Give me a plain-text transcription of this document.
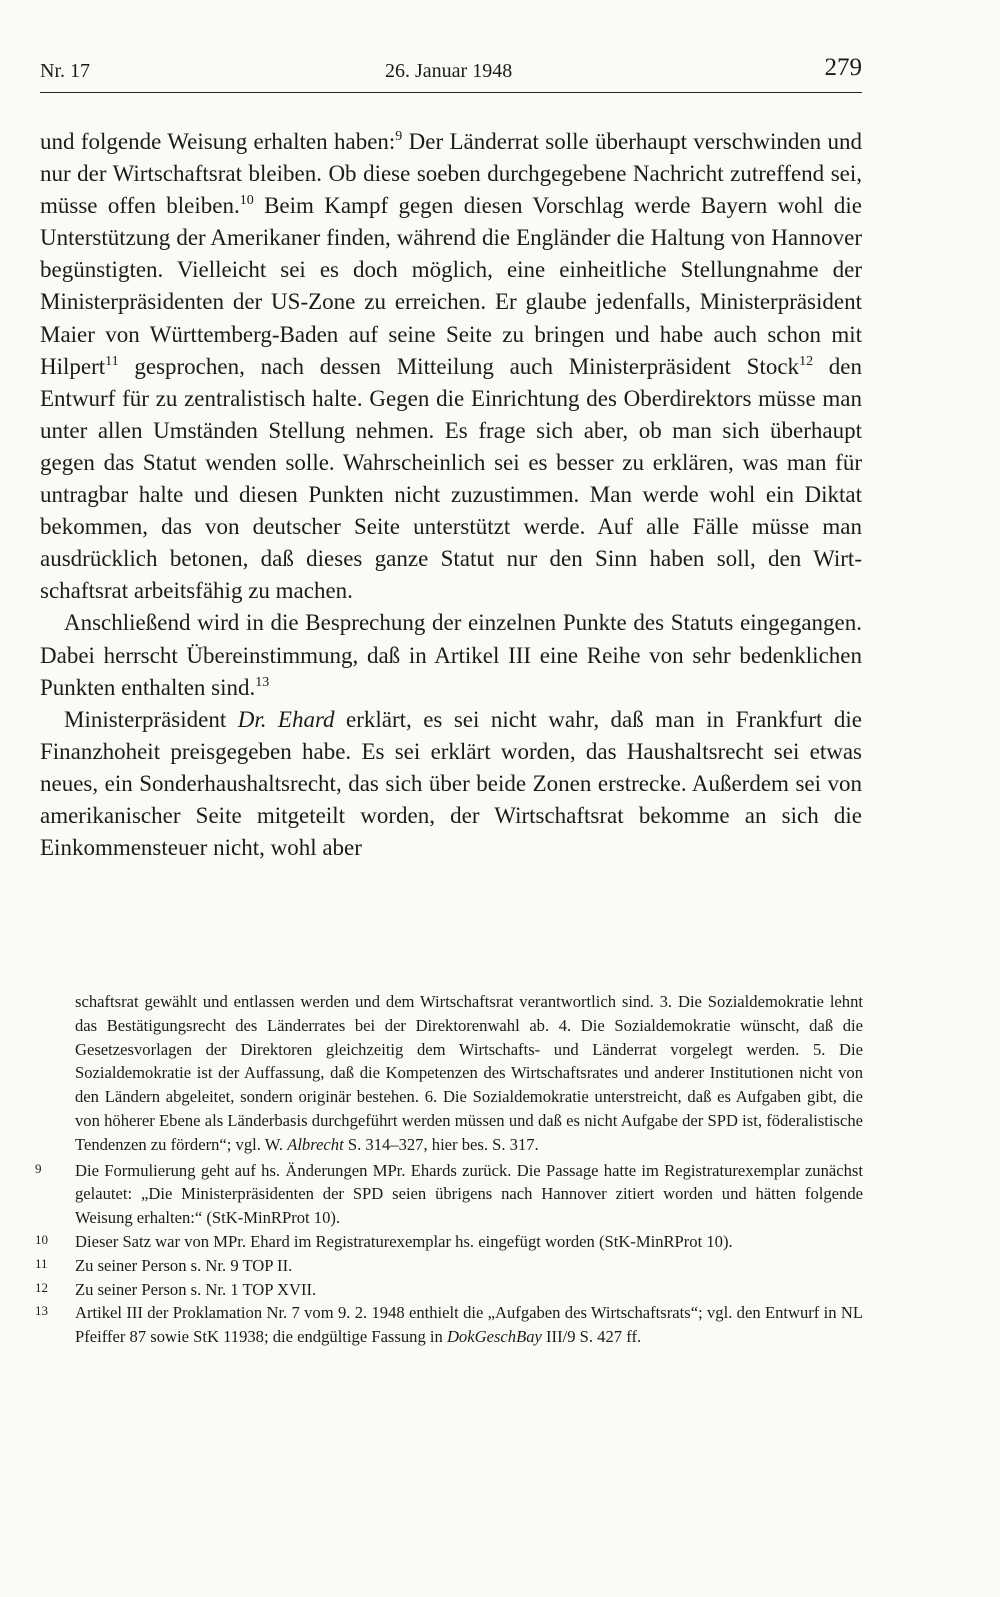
Nr. 17	26. Januar 1948	279

und folgende Weisung erhalten haben:$^9$ Der Länderrat solle überhaupt verschwinden und nur der Wirtschaftsrat bleiben. Ob diese soeben durchgegebene Nachricht zutreffend sei, müsse offen bleiben.$^{10}$ Beim Kampf gegen diesen Vorschlag werde Bayern wohl die Unterstützung der Amerikaner finden, während die Engländer die Haltung von Hannover begünstigten. Vielleicht sei es doch möglich, eine einheitliche Stellungnahme der Ministerpräsidenten der US-Zone zu erreichen. Er glaube jedenfalls, Ministerpräsident Maier von Württemberg-Baden auf seine Seite zu bringen und habe auch schon mit Hilpert$^{11}$ gesprochen, nach dessen Mitteilung auch Ministerpräsident Stock$^{12}$ den Entwurf für zu zentralistisch halte. Gegen die Einrichtung des Oberdirektors müsse man unter allen Umständen Stellung nehmen. Es frage sich aber, ob man sich überhaupt gegen das Statut wenden solle. Wahrscheinlich sei es besser zu erklären, was man für untragbar halte und diesen Punkten nicht zuzustimmen. Man werde wohl ein Diktat bekommen, das von deutscher Seite unterstützt werde. Auf alle Fälle müsse man ausdrücklich betonen, daß dieses ganze Statut nur den Sinn haben soll, den Wirtschaftsrat arbeitsfähig zu machen.

Anschließend wird in die Besprechung der einzelnen Punkte des Statuts eingegangen. Dabei herrscht Übereinstimmung, daß in Artikel III eine Reihe von sehr bedenklichen Punkten enthalten sind.$^{13}$

Ministerpräsident Dr. Ehard erklärt, es sei nicht wahr, daß man in Frankfurt die Finanzhoheit preisgegeben habe. Es sei erklärt worden, das Haushaltsrecht sei etwas neues, ein Sonderhaushaltsrecht, das sich über beide Zonen erstrecke. Außerdem sei von amerikanischer Seite mitgeteilt worden, der Wirtschaftsrat bekomme an sich die Einkommensteuer nicht, wohl aber

schaftsrat gewählt und entlassen werden und dem Wirtschaftsrat verantwortlich sind. 3. Die Sozialdemokratie lehnt das Bestätigungsrecht des Länderrates bei der Direktorenwahl ab. 4. Die Sozialdemokratie wünscht, daß die Gesetzesvorlagen der Direktoren gleichzeitig dem Wirtschafts- und Länderrat vorgelegt werden. 5. Die Sozialdemokratie ist der Auffassung, daß die Kompetenzen des Wirtschaftsrates und anderer Institutionen nicht von den Ländern abgeleitet, sondern originär bestehen. 6. Die Sozialdemokratie unterstreicht, daß es Aufgaben gibt, die von höherer Ebene als Länderbasis durchgeführt werden müssen und daß es nicht Aufgabe der SPD ist, föderalistische Tendenzen zu fördern“; vgl. W. Albrecht S. 314–327, hier bes. S. 317.

9	Die Formulierung geht auf hs. Änderungen MPr. Ehards zurück. Die Passage hatte im Registraturexemplar zunächst gelautet: „Die Ministerpräsidenten der SPD seien übrigens nach Hannover zitiert worden und hätten folgende Weisung erhalten:“ (StK-MinRProt 10).
10	Dieser Satz war von MPr. Ehard im Registraturexemplar hs. eingefügt worden (StK-MinRProt 10).
11	Zu seiner Person s. Nr. 9 TOP II.
12	Zu seiner Person s. Nr. 1 TOP XVII.
13	Artikel III der Proklamation Nr. 7 vom 9. 2. 1948 enthielt die „Aufgaben des Wirtschaftsrats“; vgl. den Entwurf in NL Pfeiffer 87 sowie StK 11938; die endgültige Fassung in DokGeschBay III/9 S. 427 ff.
